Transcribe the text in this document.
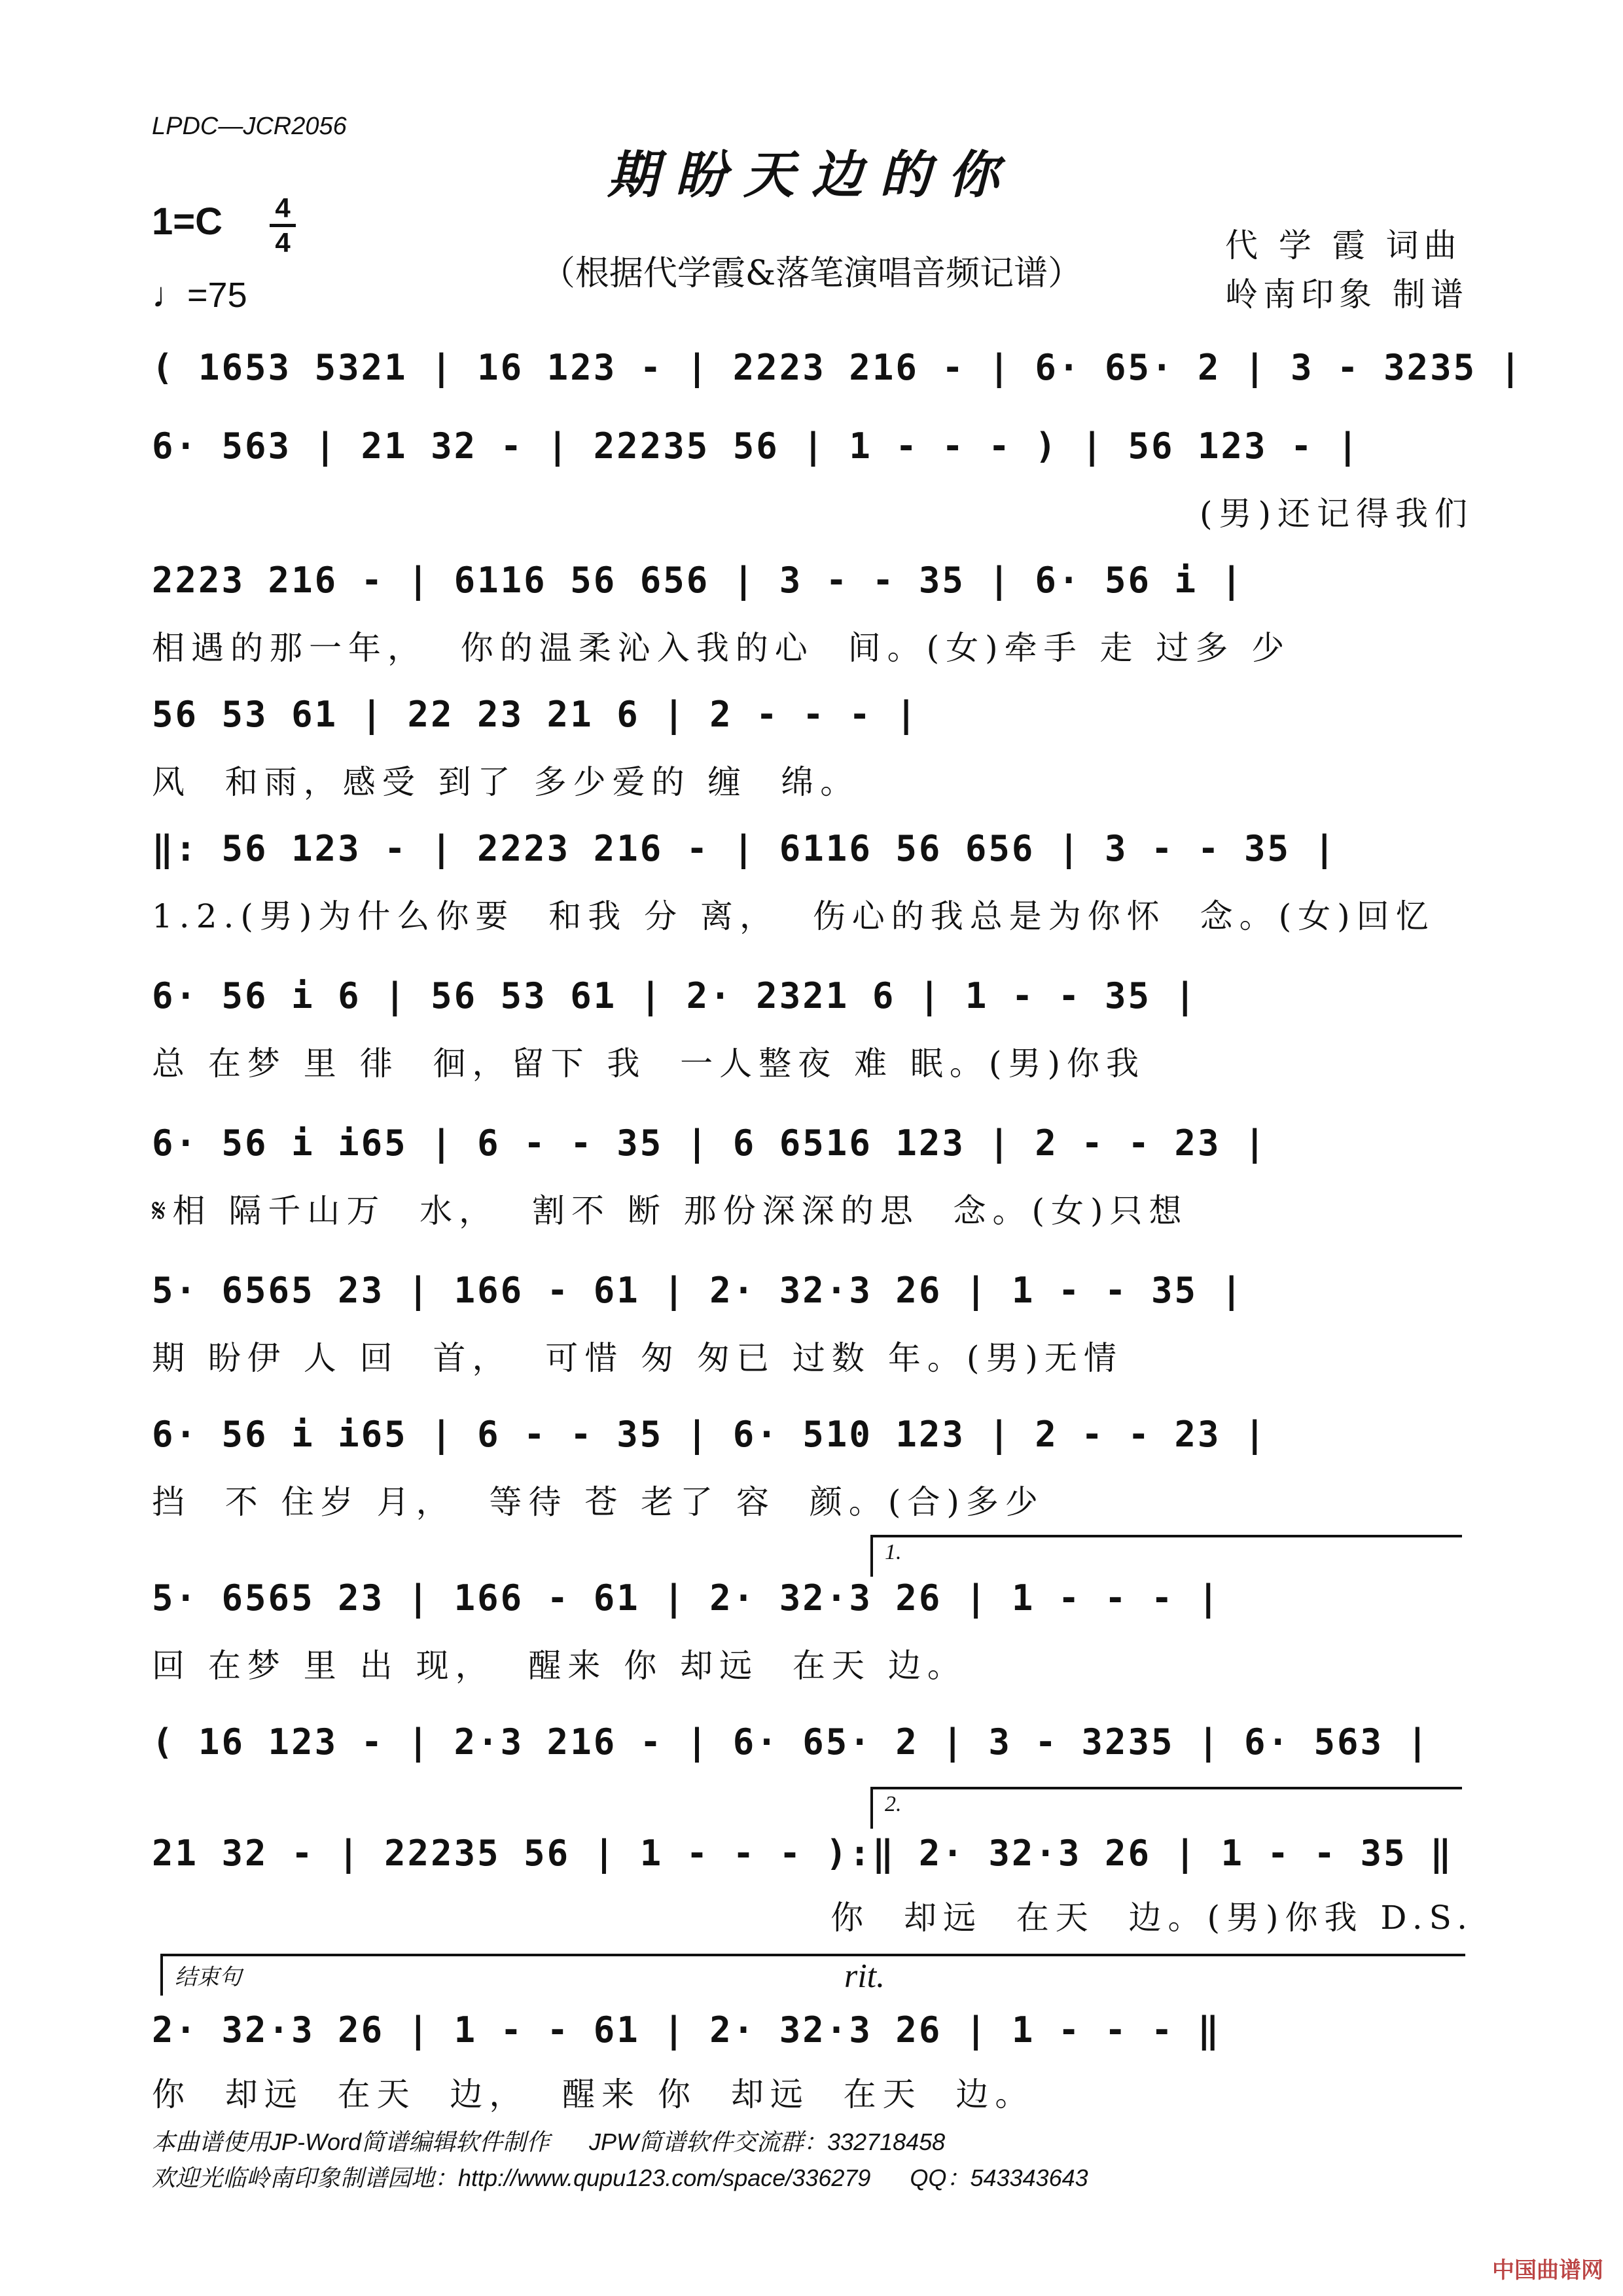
LPDC—JCR2056
期盼天边的你
（根据代学霞&落笔演唱音频记谱）
1=C 4
4
♩=75
代 学 霞 词曲
岭南印象 制谱
( 1653 5321 | 16 123 - | 2223 216 - | 6· 65· 2 | 3 - 3235 |
6· 563 | 21 32 - | 22235 56 | 1 - - - ) | 56 123 - |
(男)还记得我们
2223 216 - | 6116 56 656 | 3 - - 35 | 6· 56 i |
相遇的那一年，  你的温柔沁入我的心  间。(女)牵手 走 过多 少
56 53 61 | 22 23 21 6 | 2 - - - |
风  和雨，感受 到了 多少爱的 缠  绵。
‖: 56 123 - | 2223 216 - | 6116 56 656 | 3 - - 35 |
1.2.(男)为什么你要  和我 分 离，  伤心的我总是为你怀  念。(女)回忆
6· 56 i 6 | 56 53 61 | 2· 2321 6 | 1 - - 35 |
总 在梦 里 徘  徊，留下 我  一人整夜 难 眠。(男)你我
6· 56 i i65 | 6 - - 35 | 6 6516 123 | 2 - - 23 |
𝄋相 隔千山万  水，  割不 断 那份深深的思  念。(女)只想
5· 6565 23 | 166 - 61 | 2· 32·3 26 | 1 - - 35 |
期 盼伊 人 回  首，  可惜 匆 匆已 过数 年。(男)无情
6· 56 i i65 | 6 - - 35 | 6· 510 123 | 2 - - 23 |
挡  不 住岁 月，  等待 苍 老了 容  颜。(合)多少
1.
5· 6565 23 | 166 - 61 | 2· 32·3 26 | 1 - - - |
回 在梦 里 出 现，  醒来 你 却远  在天 边。
( 16 123 - | 2·3 216 - | 6· 65· 2 | 3 - 3235 | 6· 563 |
2.
21 32 - | 22235 56 | 1 - - - ):‖ 2· 32·3 26 | 1 - - 35 ‖
你  却远  在天  边。(男)你我 D.S.
结束句	rit.
2· 32·3 26 | 1 - - 61 | 2· 32·3 26 | 1 - - - ‖
你  却远  在天  边，  醒来 你  却远  在天  边。
本曲谱使用JP-Word简谱编辑软件制作      JPW简谱软件交流群：332718458
欢迎光临岭南印象制谱园地：http://www.qupu123.com/space/336279      QQ：543343643
中国曲谱网
